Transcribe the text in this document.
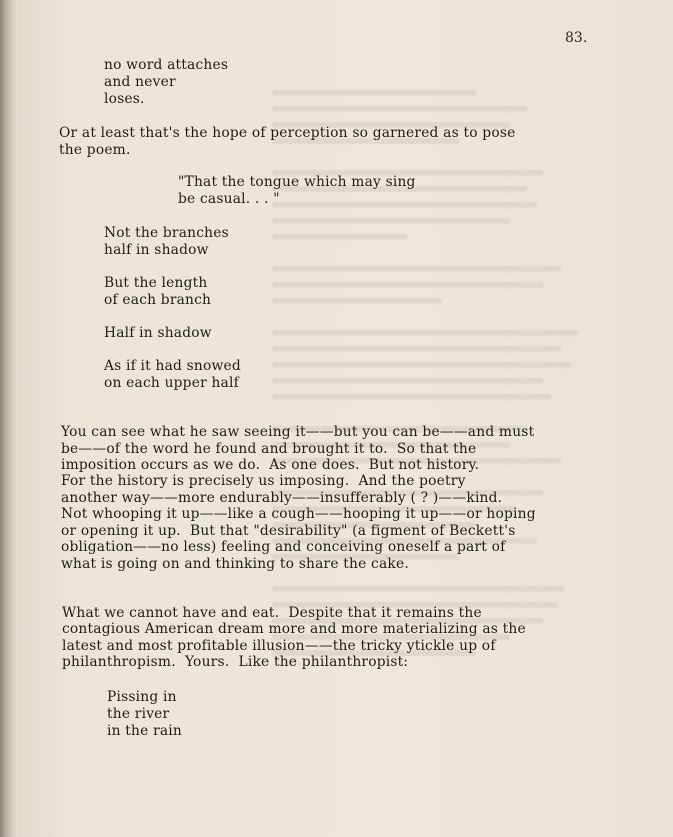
83.
no word attaches
and never
loses.
Or at least that's the hope of perception so garnered as to pose
the poem.
"That the tongue which may sing
be casual. . . "
Not the branches
half in shadow
But the length
of each branch
Half in shadow
As if it had snowed
on each upper half
You can see what he saw seeing it——but you can be——and must
be——of the word he found and brought it to.  So that the
imposition occurs as we do.  As one does.  But not history.
For the history is precisely us imposing.  And the poetry
another way——more endurably——insufferably ( ? )——kind.
Not whooping it up——like a cough——hooping it up——or hoping
or opening it up.  But that "desirability" (a figment of Beckett's
obligation——no less) feeling and conceiving oneself a part of
what is going on and thinking to share the cake.
What we cannot have and eat.  Despite that it remains the
contagious American dream more and more materializing as the
latest and most profitable illusion——the tricky ytickle up of
philanthropism.  Yours.  Like the philanthropist:
Pissing in
the river
in the rain
